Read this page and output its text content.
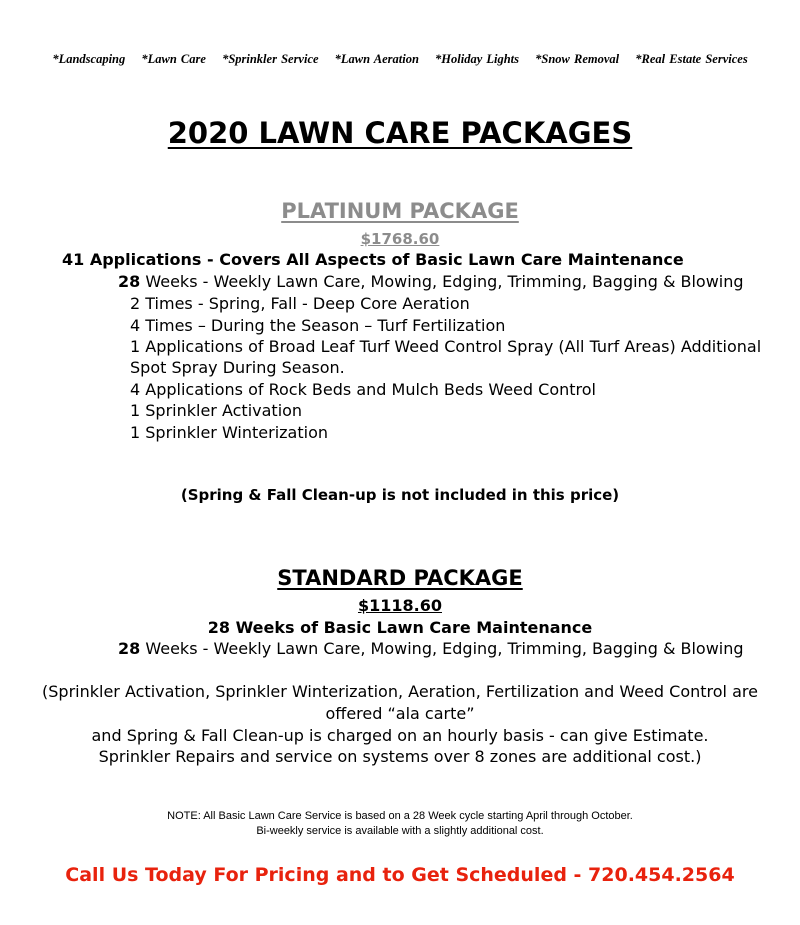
*Landscaping *Lawn Care *Sprinkler Service *Lawn Aeration *Holiday Lights *Snow Removal *Real Estate Services
2020 LAWN CARE PACKAGES
PLATINUM PACKAGE
$1768.60
41 Applications - Covers All Aspects of Basic Lawn Care Maintenance
28 Weeks - Weekly Lawn Care, Mowing, Edging, Trimming, Bagging & Blowing
2 Times - Spring, Fall - Deep Core Aeration
4 Times – During the Season – Turf Fertilization
1 Applications of Broad Leaf Turf Weed Control Spray (All Turf Areas) Additional
Spot Spray During Season.
4 Applications of Rock Beds and Mulch Beds Weed Control
1 Sprinkler Activation
1 Sprinkler Winterization
(Spring & Fall Clean-up is not included in this price)
STANDARD PACKAGE
$1118.60
28 Weeks of Basic Lawn Care Maintenance
28 Weeks - Weekly Lawn Care, Mowing, Edging, Trimming, Bagging & Blowing
(Sprinkler Activation, Sprinkler Winterization, Aeration, Fertilization and Weed Control are
offered “ala carte”
and Spring & Fall Clean-up is charged on an hourly basis - can give Estimate.
Sprinkler Repairs and service on systems over 8 zones are additional cost.)
NOTE: All Basic Lawn Care Service is based on a 28 Week cycle starting April through October.
Bi-weekly service is available with a slightly additional cost.
Call Us Today For Pricing and to Get Scheduled - 720.454.2564
